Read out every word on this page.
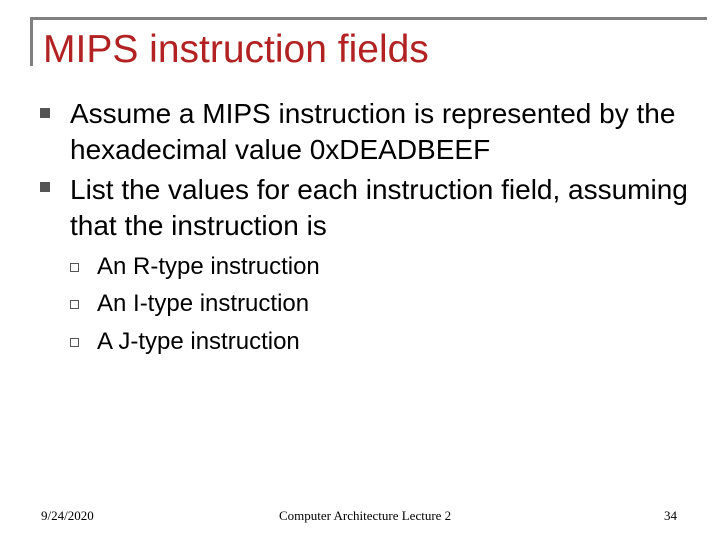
MIPS instruction fields
Assume a MIPS instruction is represented by the hexadecimal value 0xDEADBEEF
List the values for each instruction field, assuming that the instruction is
An R-type instruction
An I-type instruction
A J-type instruction
9/24/2020	Computer Architecture Lecture 2	34
